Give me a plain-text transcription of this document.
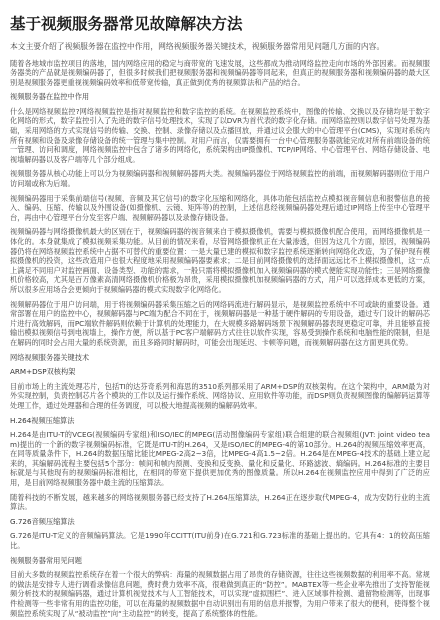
基于视频服务器常见故障解决方法

本文主要介绍了视频服务器在监控中作用，网络视频服务器关键技术，视频服务器常用见问题几方面的内容。

随着各地城市监控项目的落地，国内网络应用的稳定与商带宽的飞速发展，这些都成为推动网络监控走向市场的外部因素。而视频服务器类的产品就是视频编码器了，但很多时候我们把视频服务器和视频编码器等同起来，但真正的视频服务器和视频编码器的最大区别是视频服务器更重视视频编码效率和低带宽传输，真正做到优秀的视频算法和产品的结合。

视频服务器在监控中作用

什么是网络视频监控?网络视频监控是指对视频监控和数字监控的系统。在视频监控系统中，图像的传输、交换以及存储均是于数字化网络的形式，数字监控引入了先进的数字信号处理技术，实现了以DVR为首代表的数字化存储。而网络监控则以数字信号处理为基础，采用网络的方式实现信号的传输、交换、控制、录像存储以及点播回放，并通过议会服大的中心管理平台(CMS)，实现对系统内所有视频和设备及录像存储设备的统一管理与集中控制。对用户而言，仅需要拥有一台中心管理服务器就能完成对所有前端设备的统一管理、访问和调度，网络视频监控中包含了诸多的网络化，系统架构由IP摄像机、TCP/IP网络、中心管理平台、网络存储设备、电视墙解码器以及客户端等几个部分组成。

视频服务器从核心功能上可以分为视频编码器和视频解码器两大类。视频编码器位于网络视频监控的前端，而视频解码器则位于用户访问端或称为后端。

视频编码器用于采集前端信号(视频、音频及其它信号)的数字化压缩和网络化，具体功能包括监控点模拟视音频信息和报警信息的接入、编码、压缩、传输以及外围设备(如摄像机、云镜、矩阵等)的控制，上述信息经视频编码器处理后通过IP网络上传至中心管理平台，再由中心管理平台分发至客户端、视频解码器以及录像存储设备。

视频编码器与网络摄像机最大的区别在于，视频编码器的视音频来自于模拟摄像机，需要与模拟摄像机配合使用，而网络摄像机是一体化的。本身就集成了模拟视频采集功能。从目前的情况来看，尽管网络摄像机正在大量渗透，但因为这几个方面，原因，视频编码器仍将在网络视频监控系统中占据不可替代的重要位置：一是大量已建的模拟和数字监控系统逐渐转向网络化改造，为了保护现有模拟摄像机的投资，这些改造用户也很大程度地采用视频编码器要素求；二是目前网络摄像机的选择面远远比不上模拟摄像机，这一点上满足不同用户对监控画面、设备类型、功能的需求，一般只需将模拟摄像机加入视频编码器的模式便能实现功能性；三是网络摄像机价格较高，尤其是百万像素高清网络摄像机价格极为昂贵，采用模拟摄像机加视频编码器的方式，用户可以选择成本更低的方案，所以很多应用场合会更倾向于视频编码器的模式实现数字化网络化。

视频解码器位于用户访问端，用于将视频编码器采集压缩之后的网络码流进行解码显示，是视频监控系统中不可或缺的重要设备。通常部署在用户的监控中心，视频解码器与PC端为配合不同在于，视频解码器是一种基于硬件解码的专用设备，通过专门设计的解码芯片进行高效解码，而PC端软件解码则依赖于计算机的处理能力，在大规模多路解码场景下视频解码器表现更稳定可靠，并且能够直接输出模拟视频信号到电视墙上，操作方便，所以基于PC客户端解码方式往往以软件实现，容易受到操作系统和电脑性能的限制，但是在解码的同时会占用大量的系统资源，而且多路同时解码时，可能会出现延迟、卡顿等问题，而视频解码器在这方面更具优势。

网络视频服务器关键技术

ARM+DSP双核构架

目前市场上的主流处理芯片，包括TI的达芬奇系列和海思的3510系列都采用了ARM+DSP的双核架构。在这个架构中，ARM最为对外实现控制，负责控制芯片各个模块的工作以及运行操作系统、网络协议、应用软件等功能，而DSP则负责视频图像的编解码运算等处理工作，通过处理器和合理的任务调度，可以极大地提高视频的编解码效率。

H.264视频压缩算法

H.264是由ITU-T的VCEG(视频编码专家组)和ISO/IEC的MPEG(活动图像编码专家组)联合组建的联合视频组(JVT: joint video team)提出的一个新的数字视频编码标准，它既是ITU-T的H.264，又是ISO/IEC的MPEG-4的第10部分。H.264的视频压缩效率更高，在同等质量条件下，H.264的数据压缩比能比MPEG-2高2~3倍，比MPEG-4高1.5~2倍。H.264是在MPEG-4技术的基础上建立起来的，其编解码流程主要包括5个部分：帧间和帧内预测、变换和反变换、量化和反量化、环路滤波、熵编码。H.264标准的主要目标就是与其他现有的视频编码标准相比，在相同的带宽下提供更加优秀的图像质量。所以H.264在视频监控应用中得到了广泛的应用，是目前网络视频服务器中最主流的压缩算法。

随着科技的不断发展，越来越多的网络视频服务器已经支持了H.264压缩算法，H.264正在逐步取代MPEG-4，成为安防行业的主流算法。

G.726音频压缩算法

G.726是ITU-T定义的音频编码算法。它是1990年CCITT(ITU前身)在G.721和G.723标准的基础上提出的。它具有4：1的较高压缩比。

视频服务器常用见问题

目前大多数的视频监控系统存在着一个很大的弊病：海量的视频数据占用了昂贵的存储资源，往往这些视频数据的利用率不高。常规的做法是安排专人进行调看录像信息问题，费时费力效率不高，很难做到真正的“防控”。MABTEX等一些企业率先推出了支持智能视频分析技术的视频编码器，通过计算机视觉技术与人工智能技术，可以实现“虚拟围栏”、进入区域事件检测、遗留物检测等，出现事件检测等一些非常有用的监控功能，可以在海量的视频数据中自动识别出有用的信息并报警，为用户带来了很大的便利，使得整个视频监控系统实现了从“被动监控”向“主动监控”的转变，提高了系统整体的性能。
